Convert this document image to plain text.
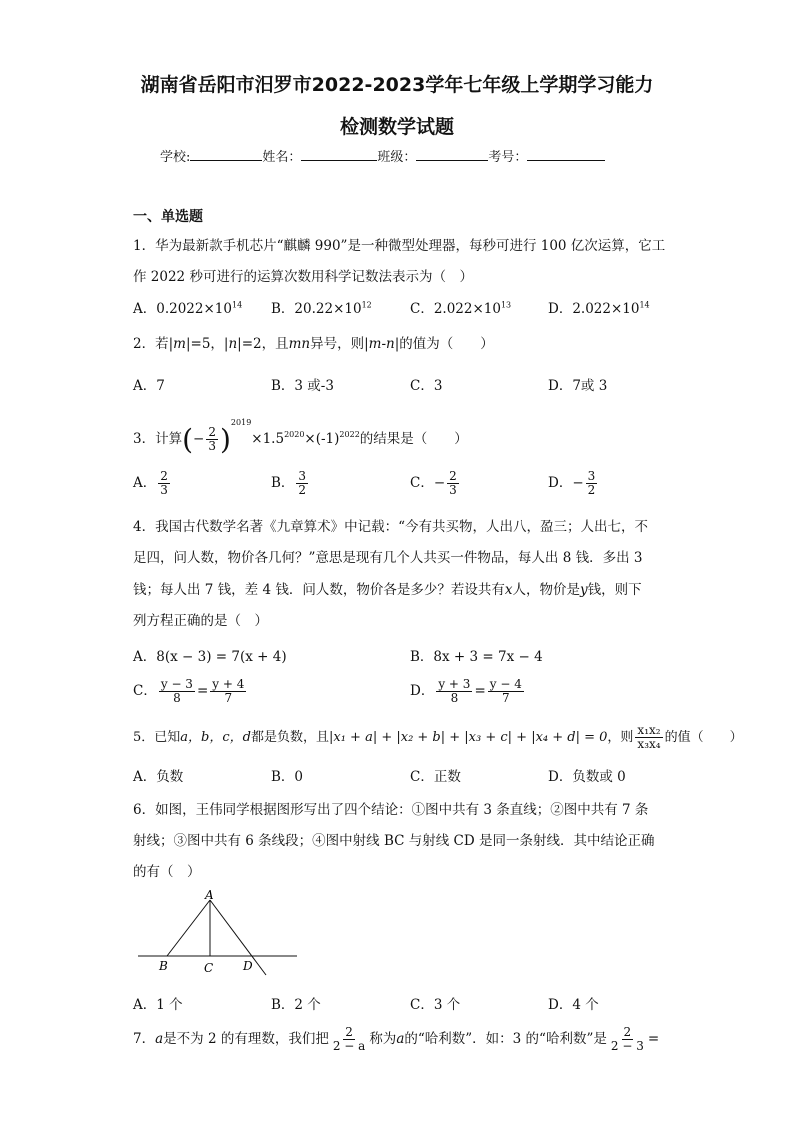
湖南省岳阳市汨罗市2022-2023学年七年级上学期学习能力
检测数学试题
学校:	姓名：	班级：	考号：
一、单选题
1．华为最新款手机芯片“麒麟 990”是一种微型处理器，每秒可进行 100 亿次运算，它工
作 2022 秒可进行的运算次数用科学记数法表示为（　）
A．$0.2022\times 10^{14}$ B．$20.22\times 10^{12}$	C．$2.022\times 10^{13}$	D．$2.022\times 10^{14}$
2．若|m|=5，|n|=2，且mn异号，则|m-n|的值为（　　）
A．7	B．3 或-3	C．3	D．7或 3
3．计算(− $\frac{2}{3} )^{2019}\times 1.5^{2020}\times(-1)^{2022}$的结果是（　　）
A． $\frac{2}{3}$	B． $\frac{3}{2}$	C．− $\frac{2}{3}$	D．− $\frac{3}{2}$
4．我国古代数学名著《九章算术》中记载：“今有共买物，人出八，盈三；人出七，不
足四，问人数，物价各几何？”意思是现有几个人共买一件物品，每人出 8 钱．多出 3
钱；每人出 7 钱，差 4 钱．问人数，物价各是多少？若设共有x人，物价是y钱，则下
列方程正确的是（　）
A．8(x − 3) = 7(x + 4)	B．8x + 3 = 7x − 4
C． $\frac{y - 3}{8} = \frac{y + 4}{7}$	D． $\frac{y + 3}{8} = \frac{y - 4}{7}$
5．已知a，b，c，d都是负数，且|x₁ + a| + |x₂ + b| + |x₃ + c| + |x₄ + d| = 0，则 $\frac{\text{x₁x₂}}{\text{x₃x₄}}$ 的值（　　）
A．负数	B．0	C．正数	D．负数或 0
6．如图，王伟同学根据图形写出了四个结论：①图中共有 3 条直线；②图中共有 7 条
射线；③图中共有 6 条线段；④图中射线 BC 与射线 CD 是同一条射线．其中结论正确
的有（　）
A
B	C D
A．1 个	B．2 个	C．3 个	D．4 个
7．a是不为 2 的有理数，我们把 $\frac{2}{2 - a}$ 称为a的“哈利数”．如：3 的“哈利数”是 $\frac{2}{2 - 3}$ =
